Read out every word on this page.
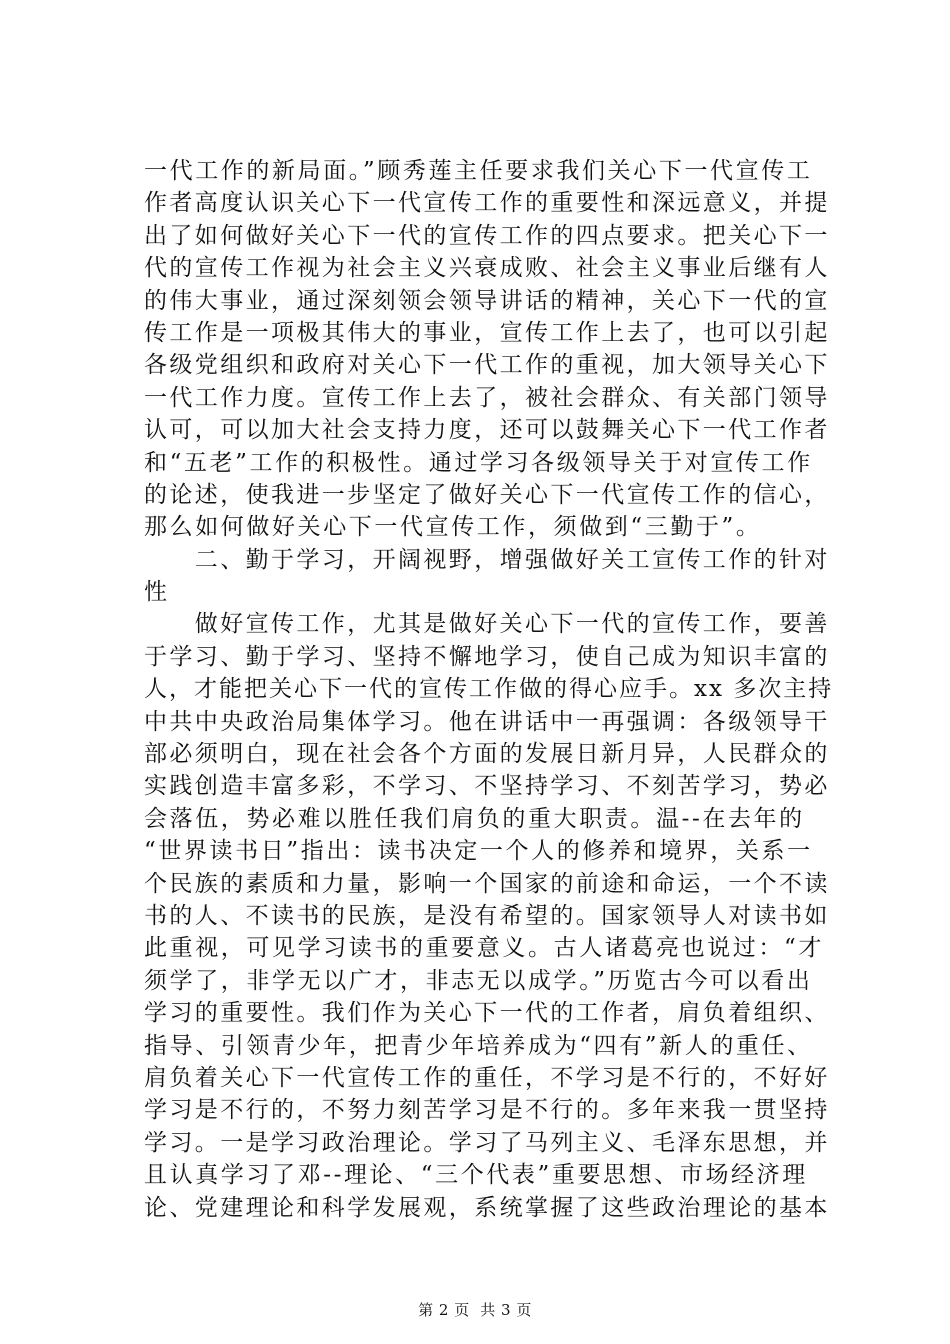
一代工作的新局面。”顾秀莲主任要求我们关心下一代宣传工
作者高度认识关心下一代宣传工作的重要性和深远意义，并提
出了如何做好关心下一代的宣传工作的四点要求。把关心下一
代的宣传工作视为社会主义兴衰成败、社会主义事业后继有人
的伟大事业，通过深刻领会领导讲话的精神，关心下一代的宣
传工作是一项极其伟大的事业，宣传工作上去了，也可以引起
各级党组织和政府对关心下一代工作的重视，加大领导关心下
一代工作力度。宣传工作上去了，被社会群众、有关部门领导
认可，可以加大社会支持力度，还可以鼓舞关心下一代工作者
和“五老”工作的积极性。通过学习各级领导关于对宣传工作
的论述，使我进一步坚定了做好关心下一代宣传工作的信心，
那么如何做好关心下一代宣传工作，须做到“三勤于”。
　　二、勤于学习，开阔视野，增强做好关工宣传工作的针对
性
　　做好宣传工作，尤其是做好关心下一代的宣传工作，要善
于学习、勤于学习、坚持不懈地学习，使自己成为知识丰富的
人，才能把关心下一代的宣传工作做的得心应手。xx 多次主持
中共中央政治局集体学习。他在讲话中一再强调：各级领导干
部必须明白，现在社会各个方面的发展日新月异，人民群众的
实践创造丰富多彩，不学习、不坚持学习、不刻苦学习，势必
会落伍，势必难以胜任我们肩负的重大职责。温--在去年的
“世界读书日”指出：读书决定一个人的修养和境界，关系一
个民族的素质和力量，影响一个国家的前途和命运，一个不读
书的人、不读书的民族，是没有希望的。国家领导人对读书如
此重视，可见学习读书的重要意义。古人诸葛亮也说过：“才
须学了，非学无以广才，非志无以成学。”历览古今可以看出
学习的重要性。我们作为关心下一代的工作者，肩负着组织、
指导、引领青少年，把青少年培养成为“四有”新人的重任、
肩负着关心下一代宣传工作的重任，不学习是不行的，不好好
学习是不行的，不努力刻苦学习是不行的。多年来我一贯坚持
学习。一是学习政治理论。学习了马列主义、毛泽东思想，并
且认真学习了邓--理论、“三个代表”重要思想、市场经济理
论、党建理论和科学发展观，系统掌握了这些政治理论的基本
第 2 页  共 3 页
